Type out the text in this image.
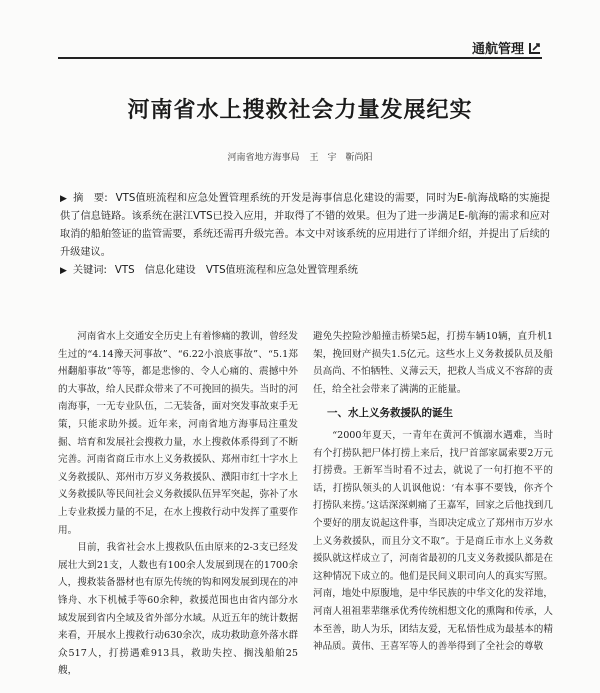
通航管理
河南省水上搜救社会力量发展纪实
河南省地方海事局 王　宇　靳尚阳
▶ 摘　要: VTS值班流程和应急处置管理系统的开发是海事信息化建设的需要，同时为E-航海战略的实施提供了信息链路。该系统在湛江VTS已投入应用，并取得了不错的效果。但为了进一步满足E-航海的需求和应对取消的船舶签证的监管需要，系统还需再升级完善。本文中对该系统的应用进行了详细介绍，并提出了后续的升级建议。
▶ 关键词: VTS　信息化建设　VTS值班流程和应急处置管理系统

河南省水上交通安全历史上有着惨痛的教训，曾经发生过的“4.14豫天河事故”、“6.22小浪底事故”、“5.1郑州翻船事故”等等，都是悲惨的、令人心痛的、震撼中外的大事故，给人民群众带来了不可挽回的损失。当时的河南海事，一无专业队伍，二无装备，面对突发事故束手无策，只能求助外援。近年来，河南省地方海事局注重发掘、培育和发展社会搜救力量，水上搜救体系得到了不断完善。河南省商丘市水上义务救援队、郑州市红十字水上义务救援队、郑州市万岁义务救援队、濮阳市红十字水上义务救援队等民间社会义务救援队伍异军突起，弥补了水上专业救援力量的不足，在水上搜救行动中发挥了重要作用。

目前，我省社会水上搜救队伍由原来的2-3支已经发展壮大到21支，人数也有100余人发展到现在的1700余人，搜救装备器材也有原先传统的钩和网发展到现在的冲锋舟、水下机械手等60余种，救援范围也由省内部分水域发展到省内全域及省外部分水域。从近五年的统计数据来看，开展水上搜救行动630余次，成功救助意外落水群众517人，打捞遇难913具，救助失控、搁浅船舶25艘，

避免失控险沙船撞击桥梁5起，打捞车辆10辆，直升机1架，挽回财产损失1.5亿元。这些水上义务救援队员及船员高尚、不怕牺牲、义薄云天，把救人当成义不容辞的责任，给全社会带来了满满的正能量。

一、水上义务救援队的诞生

“2000年夏天，一青年在黄河不慎溺水遇难，当时有个打捞队把尸体打捞上来后，找尸首部家属索要2万元打捞费。王新军当时看不过去，就说了一句打抱不平的话，打捞队领头的人讥讽他说：‘有本事不要钱，你齐个打捞队来捞。’这话深深刺痛了王嘉军，回家之后他找到几个要好的朋友说起这件事，当即决定成立了郑州市万岁水上义务救援队，而且分文不取”。于是商丘市水上义务救援队就这样成立了，河南省最初的几支义务救援队都是在这种情况下成立的。他们是民间义职司向人的真实写照。河南，地处中原腹地，是中华民族的中华文化的发祥地，河南人祖祖辈辈继承优秀传统相想文化的熏陶和传承，人本至善，助人为乐，团结友爱，无私悟性成为最基本的精神品质。黄伟、王喜军等人的善举得到了全社会的尊敬
